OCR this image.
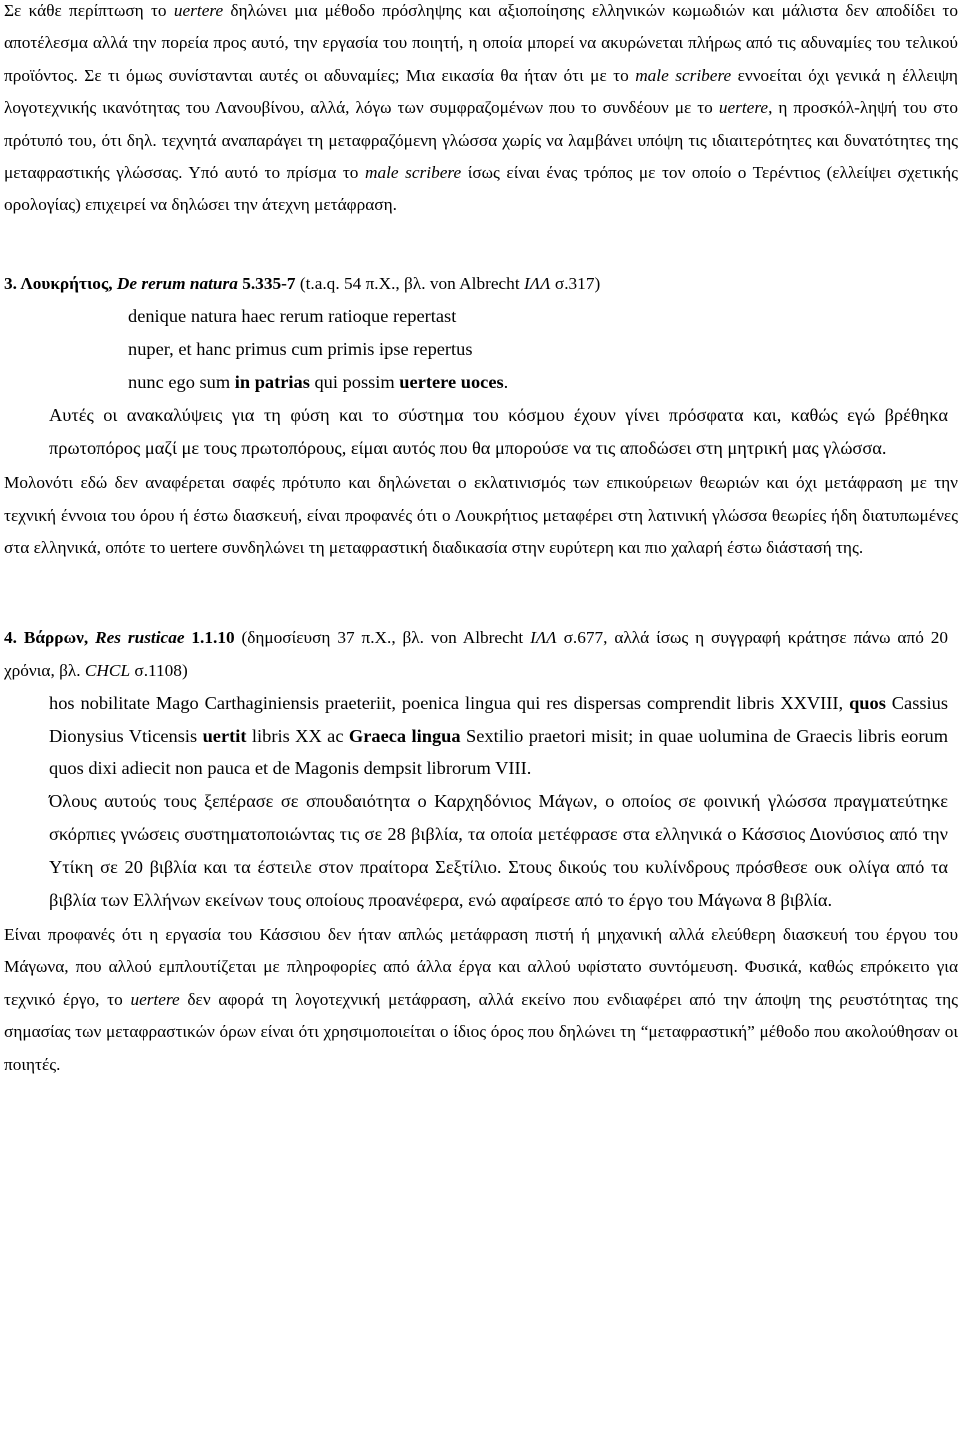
Σε κάθε περίπτωση το uertere δηλώνει μια μέθοδο πρόσληψης και αξιοποίησης ελληνικών κωμωδιών και μάλιστα δεν αποδίδει το αποτέλεσμα αλλά την πορεία προς αυτό, την εργασία του ποιητή, η οποία μπορεί να ακυρώνεται πλήρως από τις αδυναμίες του τελικού προϊόντος. Σε τι όμως συνίστανται αυτές οι αδυναμίες; Μια εικασία θα ήταν ότι με το male scribere εννοείται όχι γενικά η έλλειψη λογοτεχνικής ικανότητας του Λανουβίνου, αλλά, λόγω των συμφραζομένων που το συνδέουν με το uertere, η προσκόλ-ληψή του στο πρότυπό του, ότι δηλ. τεχνητά αναπαράγει τη μεταφραζόμενη γλώσσα χωρίς να λαμβάνει υπόψη τις ιδιαιτερότητες και δυνατότητες της μεταφραστικής γλώσσας. Υπό αυτό το πρίσμα το male scribere ίσως είναι ένας τρόπος με τον οποίο ο Τερέντιος (ελλείψει σχετικής ορολογίας) επιχειρεί να δηλώσει την άτεχνη μετάφραση.

3. Λουκρήτιος, De rerum natura 5.335-7 (t.a.q. 54 π.Χ., βλ. von Albrecht ΙΛΛ σ.317)

denique natura haec rerum ratioque repertast
nuper, et hanc primus cum primis ipse repertus
nunc ego sum in patrias qui possim uertere uoces.

Αυτές οι ανακαλύψεις για τη φύση και το σύστημα του κόσμου έχουν γίνει πρόσφατα και, καθώς εγώ βρέθηκα πρωτοπόρος μαζί με τους πρωτοπόρους, είμαι αυτός που θα μπορούσε να τις αποδώσει στη μητρική μας γλώσσα.

Μολονότι εδώ δεν αναφέρεται σαφές πρότυπο και δηλώνεται ο εκλατινισμός των επικούρειων θεωριών και όχι μετάφραση με την τεχνική έννοια του όρου ή έστω διασκευή, είναι προφανές ότι ο Λουκρήτιος μεταφέρει στη λατινική γλώσσα θεωρίες ήδη διατυπωμένες στα ελληνικά, οπότε το uertere συνδηλώνει τη μεταφραστική διαδικασία στην ευρύτερη και πιο χαλαρή έστω διάστασή της.

4. Βάρρων, Res rusticae 1.1.10 (δημοσίευση 37 π.Χ., βλ. von Albrecht ΙΛΛ σ.677, αλλά ίσως η συγγραφή κράτησε πάνω από 20 χρόνια, βλ. CHCL σ.1108)

hos nobilitate Mago Carthaginiensis praeteriit, poenica lingua qui res dispersas comprendit libris XXVIII, quos Cassius Dionysius Vticensis uertit libris XX ac Graeca lingua Sextilio praetori misit; in quae uolumina de Graecis libris eorum quos dixi adiecit non pauca et de Magonis dempsit librorum VIII.

Όλους αυτούς τους ξεπέρασε σε σπουδαιότητα ο Καρχηδόνιος Μάγων, ο οποίος σε φοινική γλώσσα πραγματεύτηκε σκόρπιες γνώσεις συστηματοποιώντας τις σε 28 βιβλία, τα οποία μετέφρασε στα ελληνικά ο Κάσσιος Διονύσιος από την Υτίκη σε 20 βιβλία και τα έστειλε στον πραίτορα Σεξτίλιο. Στους δικούς του κυλίνδρους πρόσθεσε ουκ ολίγα από τα βιβλία των Ελλήνων εκείνων τους οποίους προανέφερα, ενώ αφαίρεσε από το έργο του Μάγωνα 8 βιβλία.

Είναι προφανές ότι η εργασία του Κάσσιου δεν ήταν απλώς μετάφραση πιστή ή μηχανική αλλά ελεύθερη διασκευή του έργου του Μάγωνα, που αλλού εμπλουτίζεται με πληροφορίες από άλλα έργα και αλλού υφίστατο συντόμευση. Φυσικά, καθώς επρόκειτο για τεχνικό έργο, το uertere δεν αφορά τη λογοτεχνική μετάφραση, αλλά εκείνο που ενδιαφέρει από την άποψη της ρευστότητας της σημασίας των μεταφραστικών όρων είναι ότι χρησιμοποιείται ο ίδιος όρος που δηλώνει τη “μεταφραστική” μέθοδο που ακολούθησαν οι ποιητές.
